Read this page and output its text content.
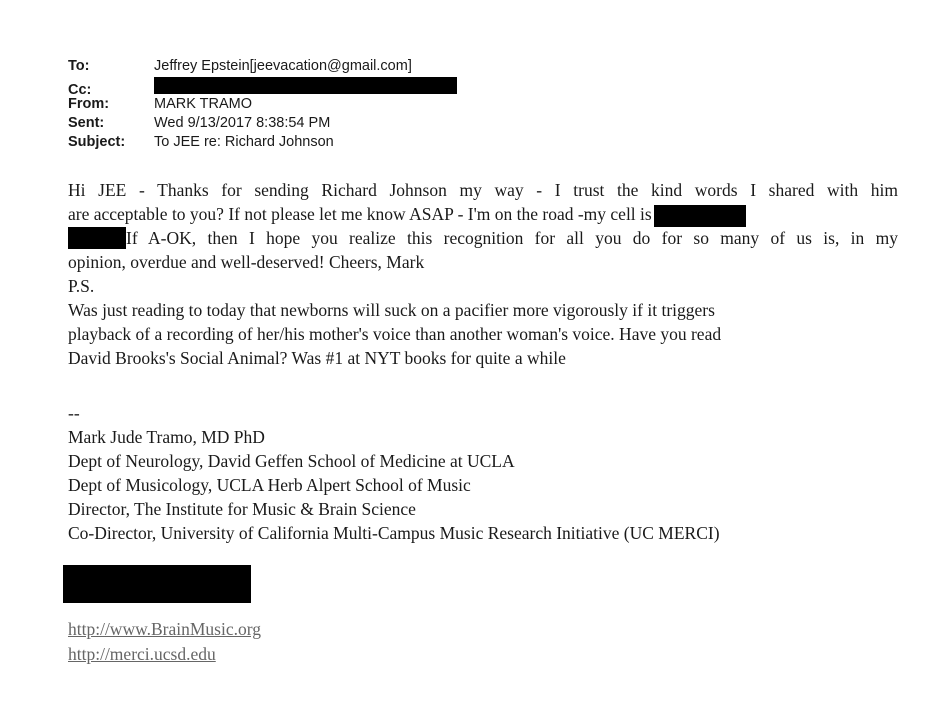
To:	Jeffrey Epstein[jeevacation@gmail.com]
Cc:
From:	MARK TRAMO
Sent:	Wed 9/13/2017 8:38:54 PM
Subject:	To JEE re: Richard Johnson
Hi JEE - Thanks for sending Richard Johnson my way - I trust the kind words I shared with him
are acceptable to you? If not please let me know ASAP - I'm on the road -my cell is
If A-OK, then I hope you realize this recognition for all you do for so many of us is, in my
opinion, overdue and well-deserved! Cheers, Mark
P.S.
Was just reading to today that newborns will suck on a pacifier more vigorously if it triggers
playback of a recording of her/his mother's voice than another woman's voice. Have you read
David Brooks's Social Animal? Was #1 at NYT books for quite a while
--
Mark Jude Tramo, MD PhD
Dept of Neurology, David Geffen School of Medicine at UCLA
Dept of Musicology, UCLA Herb Alpert School of Music
Director, The Institute for Music & Brain Science
Co-Director, University of California Multi-Campus Music Research Initiative (UC MERCI)
http://www.BrainMusic.org
http://merci.ucsd.edu
